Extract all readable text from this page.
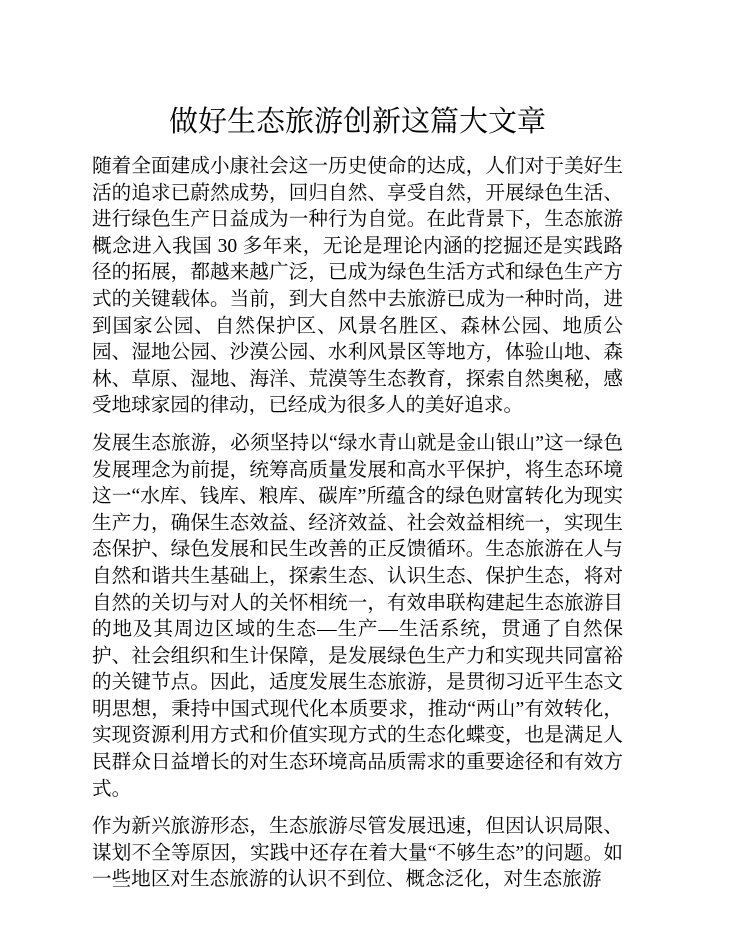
做好生态旅游创新这篇大文章

随着全面建成小康社会这一历史使命的达成，人们对于美好生活的追求已蔚然成势，回归自然、享受自然，开展绿色生活、进行绿色生产日益成为一种行为自觉。在此背景下，生态旅游概念进入我国 30 多年来，无论是理论内涵的挖掘还是实践路径的拓展，都越来越广泛，已成为绿色生活方式和绿色生产方式的关键载体。当前，到大自然中去旅游已成为一种时尚，进到国家公园、自然保护区、风景名胜区、森林公园、地质公园、湿地公园、沙漠公园、水利风景区等地方，体验山地、森林、草原、湿地、海洋、荒漠等生态教育，探索自然奥秘，感受地球家园的律动，已经成为很多人的美好追求。

发展生态旅游，必须坚持以“绿水青山就是金山银山”这一绿色发展理念为前提，统筹高质量发展和高水平保护，将生态环境这一“水库、钱库、粮库、碳库”所蕴含的绿色财富转化为现实生产力，确保生态效益、经济效益、社会效益相统一，实现生态保护、绿色发展和民生改善的正反馈循环。生态旅游在人与自然和谐共生基础上，探索生态、认识生态、保护生态，将对自然的关切与对人的关怀相统一，有效串联构建起生态旅游目的地及其周边区域的生态—生产—生活系统，贯通了自然保护、社会组织和生计保障，是发展绿色生产力和实现共同富裕的关键节点。因此，适度发展生态旅游，是贯彻习近平生态文明思想，秉持中国式现代化本质要求，推动“两山”有效转化，实现资源利用方式和价值实现方式的生态化蝶变，也是满足人民群众日益增长的对生态环境高品质需求的重要途径和有效方式。

作为新兴旅游形态，生态旅游尽管发展迅速，但因认识局限、谋划不全等原因，实践中还存在着大量“不够生态”的问题。如一些地区对生态旅游的认识不到位、概念泛化，对生态旅游
